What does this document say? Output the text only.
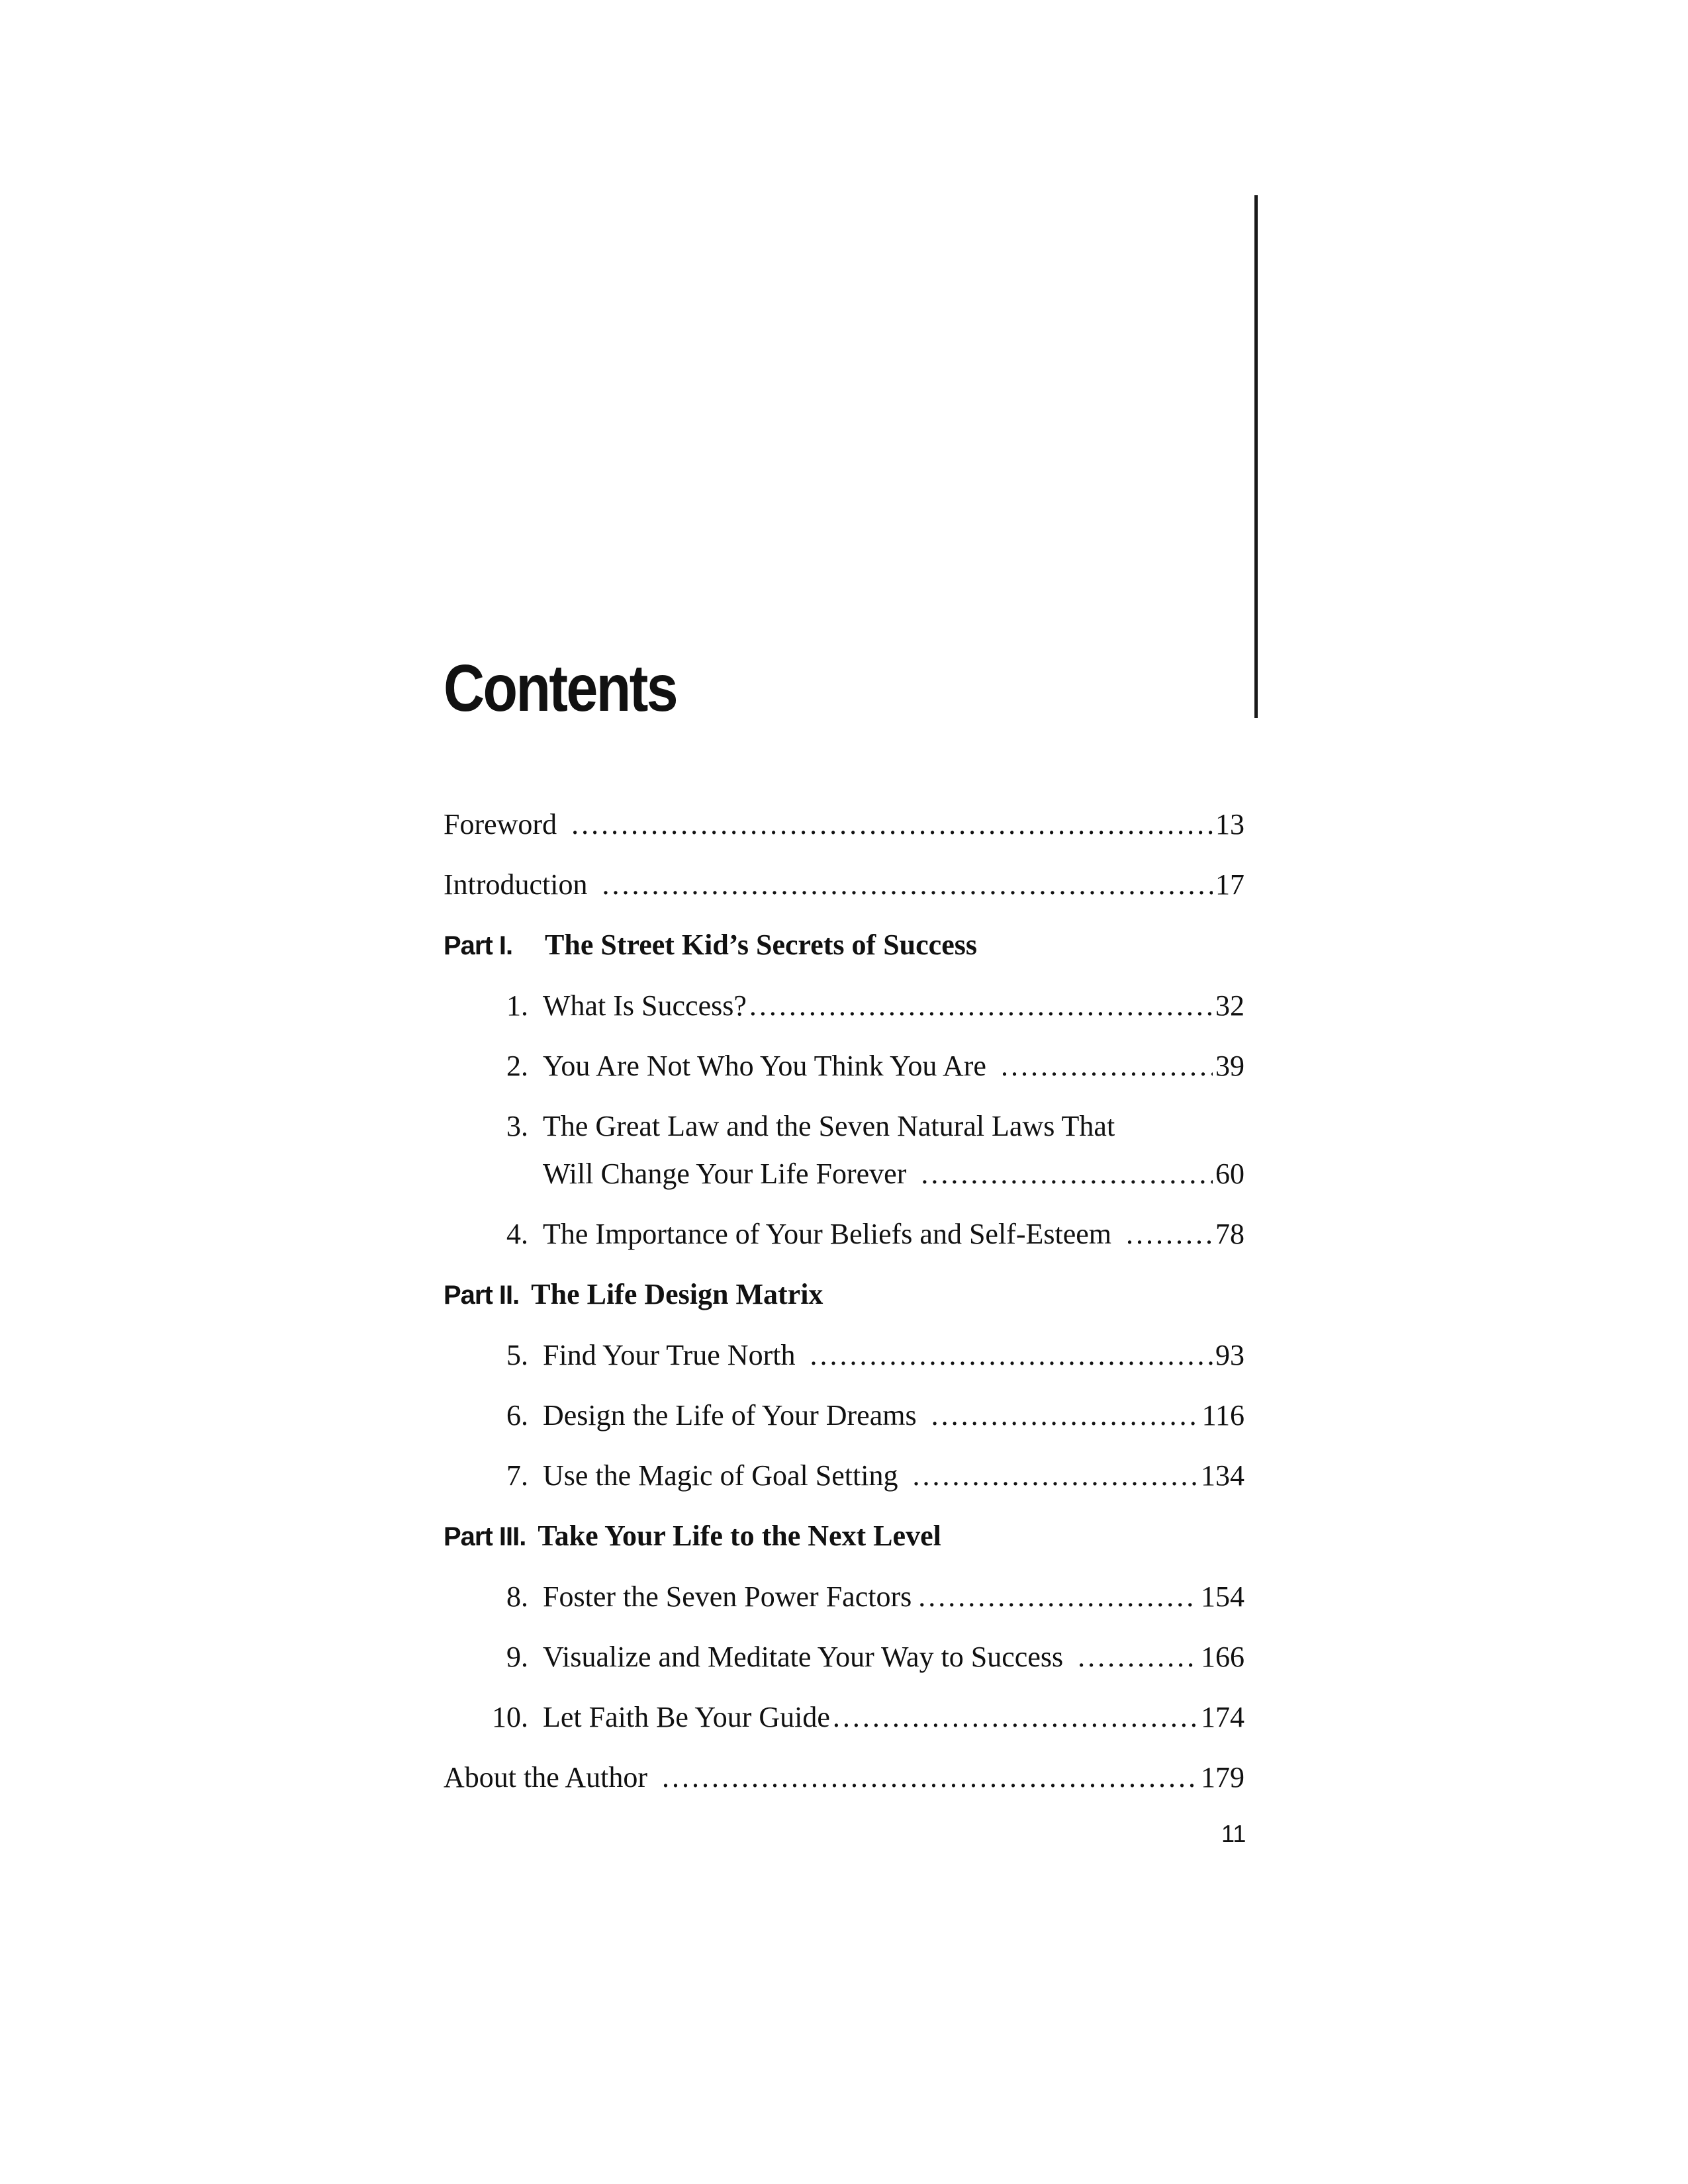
Contents
Foreword .....	13
Introduction .....	17
Part I. The Street Kid’s Secrets of Success
1. What Is Success? .....	32
2. You Are Not Who You Think You Are .....	39
3. The Great Law and the Seven Natural Laws That
Will Change Your Life Forever .....	60
4. The Importance of Your Beliefs and Self-Esteem .....	78
Part II. The Life Design Matrix
5. Find Your True North .....	93
6. Design the Life of Your Dreams .....	116
7. Use the Magic of Goal Setting .....	134
Part III. Take Your Life to the Next Level
8. Foster the Seven Power Factors .....	154
9. Visualize and Meditate Your Way to Success .....	166
10. Let Faith Be Your Guide .....	174
About the Author .....	179
11
